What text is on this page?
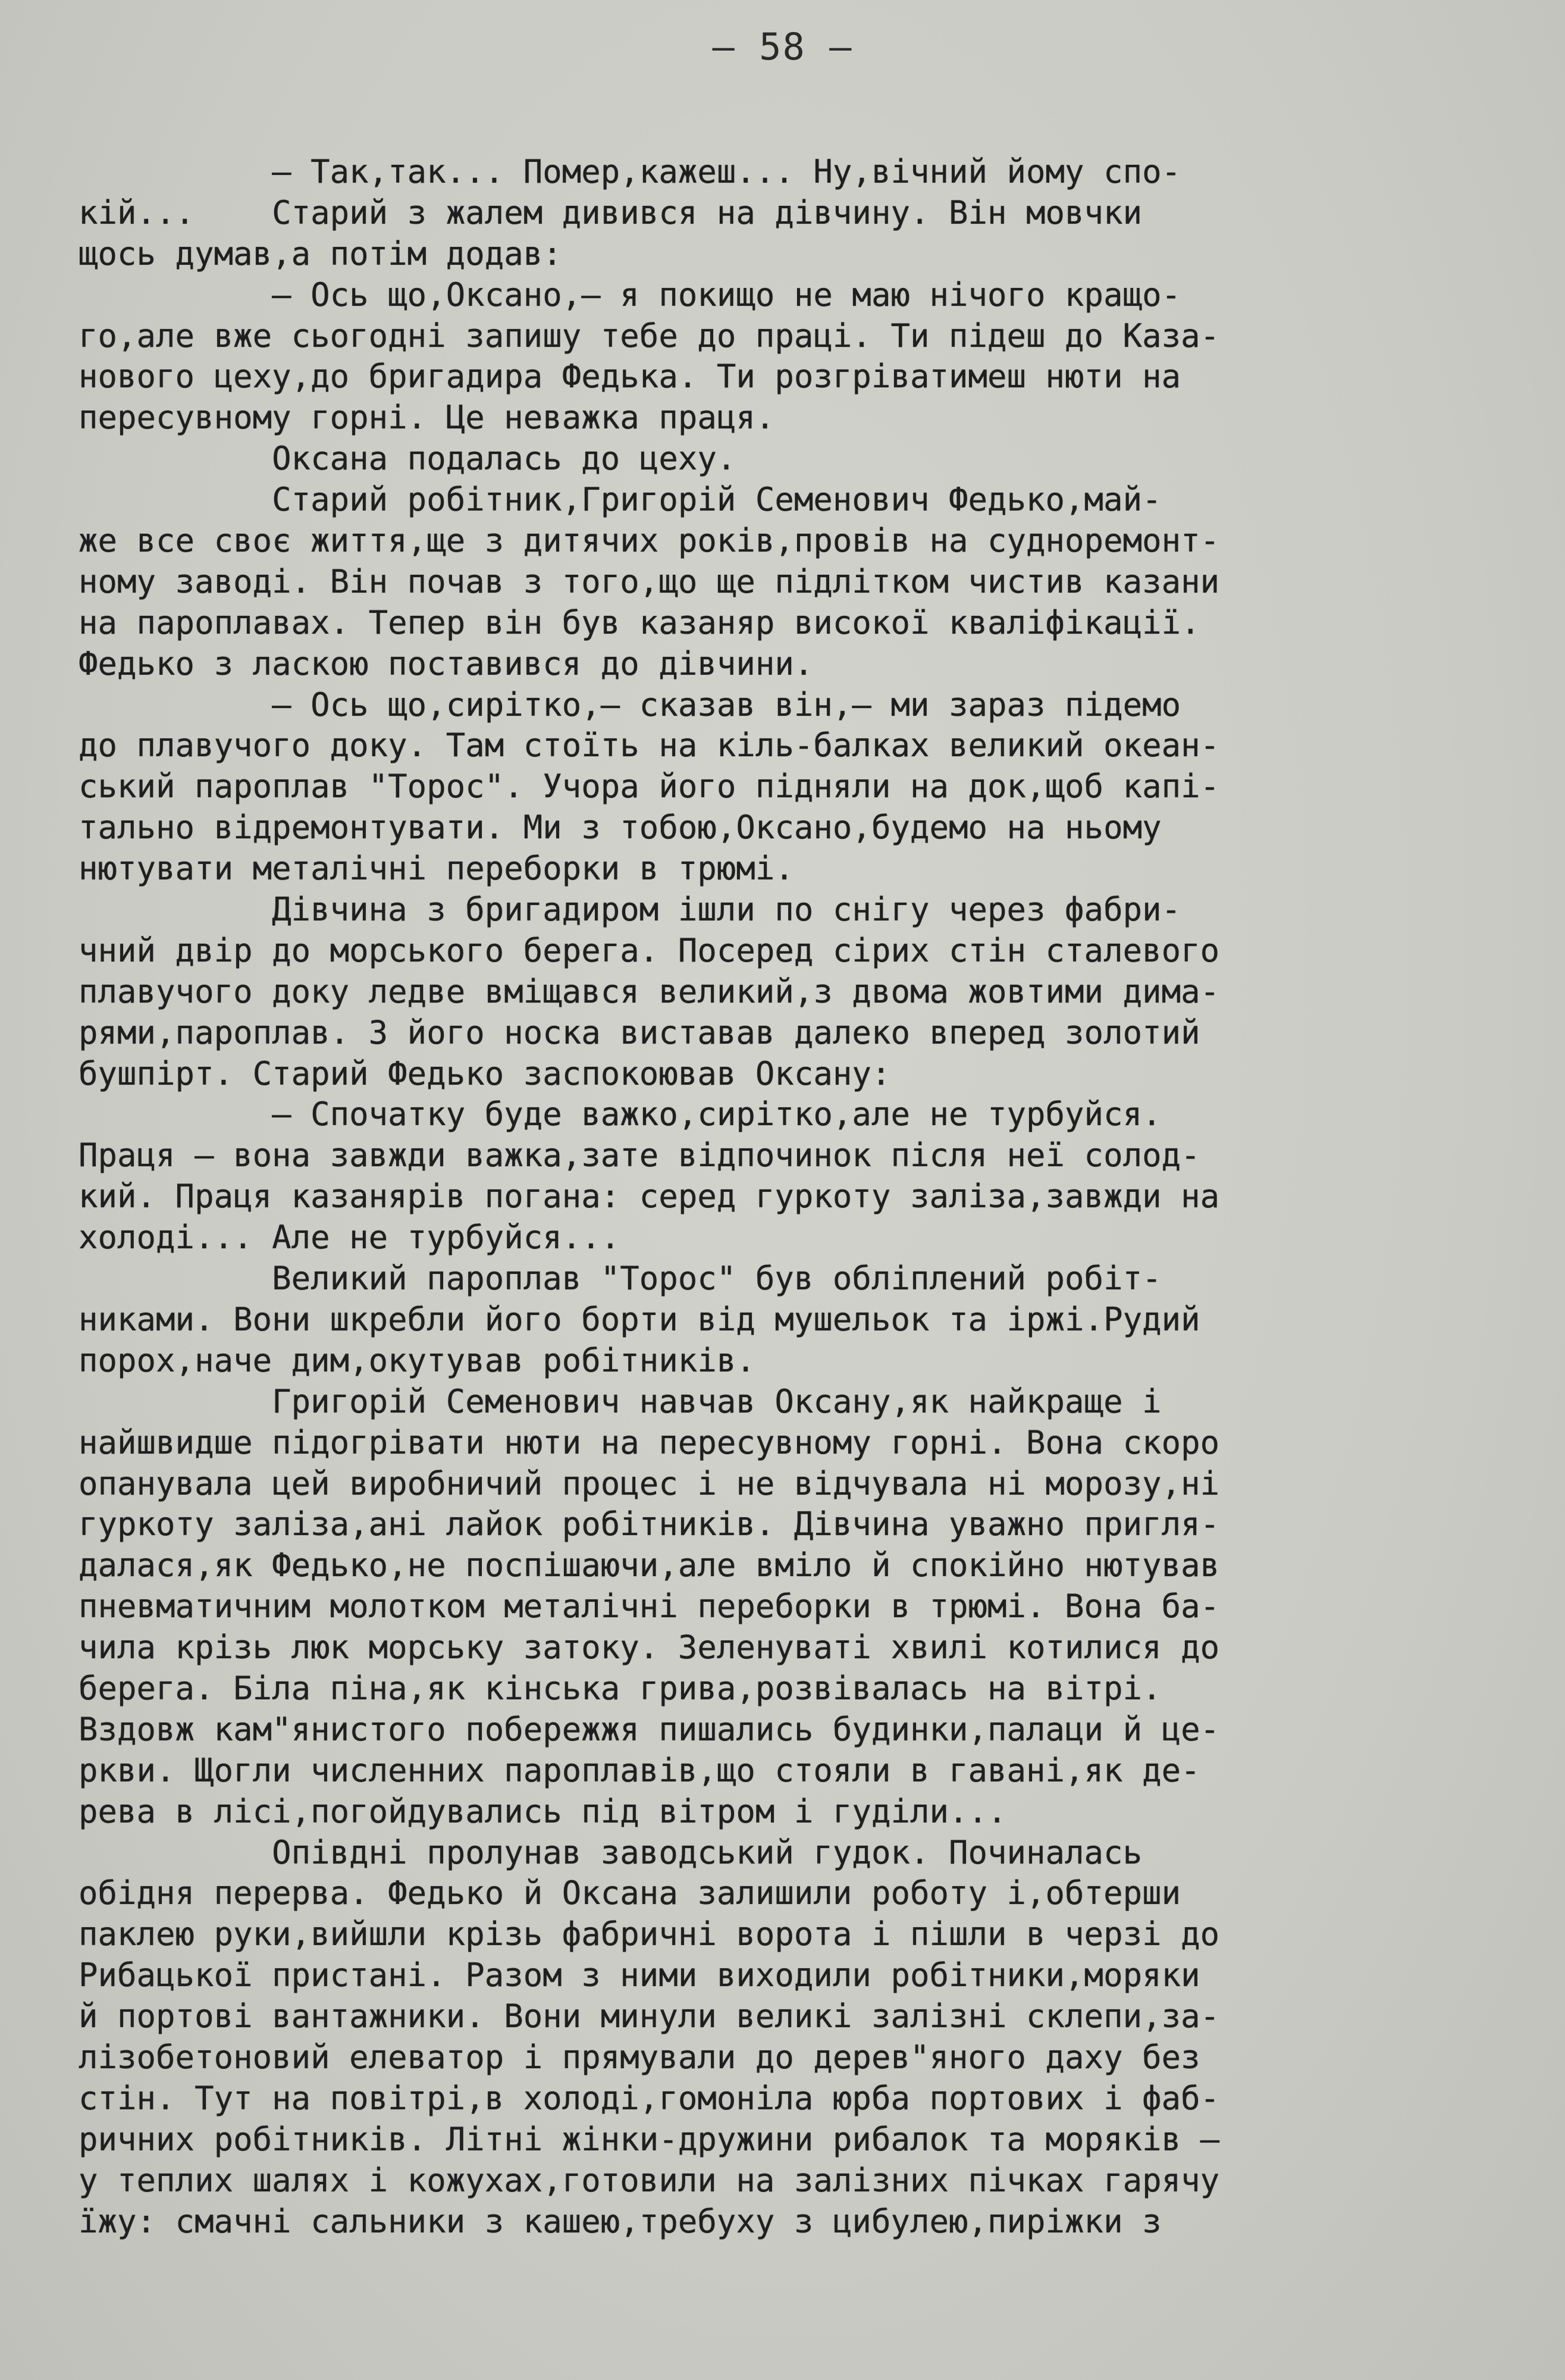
– 58 –
– Так,так... Помер,кажеш... Ну,вічний йому спо-
кій...    Старий з жалем дивився на дівчину. Він мовчки
щось думав,а потім додав:
– Ось що,Оксано,– я покищо не маю нічого кращо-
го,але вже сьогодні запишу тебе до праці. Ти підеш до Каза-
нового цеху,до бригадира Федька. Ти розгріватимеш нюти на
пересувному горні. Це неважка праця.
Оксана подалась до цеху.
Старий робітник,Григорій Семенович Федько,май-
же все своє життя,ще з дитячих років,провів на судноремонт-
ному заводі. Він почав з того,що ще підлітком чистив казани
на пароплавах. Тепер він був казаняр високої кваліфікації.
Федько з ласкою поставився до дівчини.
– Ось що,сирітко,– сказав він,– ми зараз підемо
до плавучого доку. Там стоїть на кіль-балках великий океан-
ський пароплав "Торос". Учора його підняли на док,щоб капі-
тально відремонтувати. Ми з тобою,Оксано,будемо на ньому
нютувати металічні переборки в трюмі.
Дівчина з бригадиром ішли по снігу через фабри-
чний двір до морського берега. Посеред сірих стін сталевого
плавучого доку ледве вміщався великий,з двома жовтими дима-
рями,пароплав. З його носка виставав далеко вперед золотий
бушпірт. Старий Федько заспокоював Оксану:
– Спочатку буде важко,сирітко,але не турбуйся.
Праця – вона завжди важка,зате відпочинок після неї солод-
кий. Праця казанярів погана: серед гуркоту заліза,завжди на
холоді... Але не турбуйся...
Великий пароплав "Торос" був обліплений робіт-
никами. Вони шкребли його борти від мушельок та іржі.Рудий
порох,наче дим,окутував робітників.
Григорій Семенович навчав Оксану,як найкраще і
найшвидше підогрівати нюти на пересувному горні. Вона скоро
опанувала цей виробничий процес і не відчувала ні морозу,ні
гуркоту заліза,ані лайок робітників. Дівчина уважно пригля-
далася,як Федько,не поспішаючи,але вміло й спокійно нютував
пневматичним молотком металічні переборки в трюмі. Вона ба-
чила крізь люк морську затоку. Зеленуваті хвилі котилися до
берега. Біла піна,як кінська грива,розвівалась на вітрі.
Вздовж кам"янистого побережжя пишались будинки,палаци й це-
ркви. Щогли численних пароплавів,що стояли в гавані,як де-
рева в лісі,погойдувались під вітром і гуділи...
Опівдні пролунав заводський гудок. Починалась
обідня перерва. Федько й Оксана залишили роботу і,обтерши
паклею руки,вийшли крізь фабричні ворота і пішли в черзі до
Рибацької пристані. Разом з ними виходили робітники,моряки
й портові вантажники. Вони минули великі залізні склепи,за-
лізобетоновий елеватор і прямували до дерев"яного даху без
стін. Тут на повітрі,в холоді,гомоніла юрба портових і фаб-
ричних робітників. Літні жінки-дружини рибалок та моряків –
у теплих шалях і кожухах,готовили на залізних пічках гарячу
їжу: смачні сальники з кашею,требуху з цибулею,пиріжки з
